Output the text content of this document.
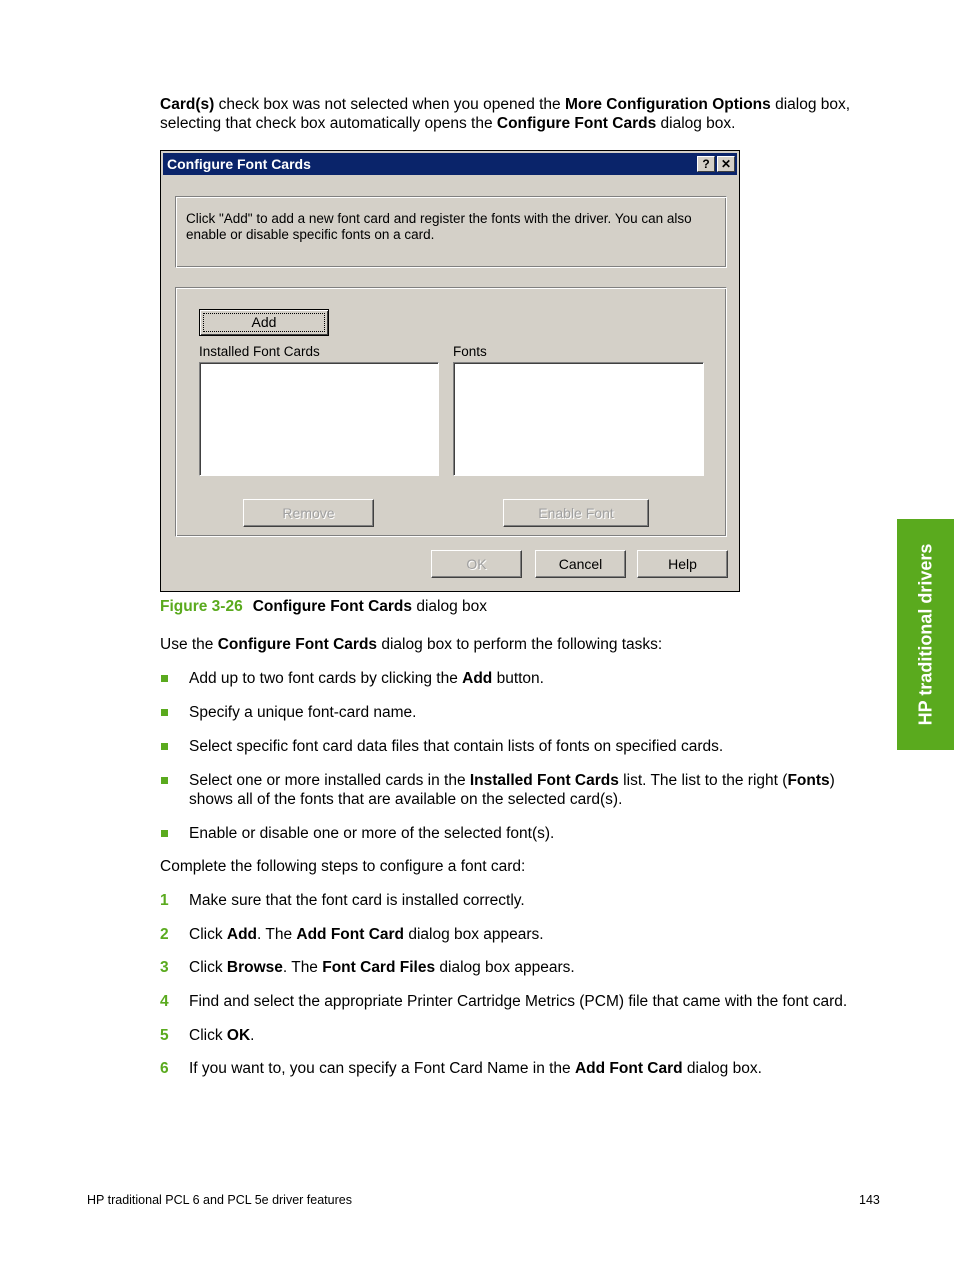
Card(s) check box was not selected when you opened the More Configuration Options dialog box, selecting that check box automatically opens the Configure Font Cards dialog box.

Configure Font Cards	? ✕
Click "Add" to add a new font card and register the fonts with the driver. You can also enable or disable specific fonts on a card.
Add
Installed Font Cards	Fonts
Remove	Enable Font
OK	Cancel	Help
Figure 3-26 Configure Font Cards dialog box

Use the Configure Font Cards dialog box to perform the following tasks:

Add up to two font cards by clicking the Add button.
Specify a unique font-card name.
Select specific font card data files that contain lists of fonts on specified cards.
Select one or more installed cards in the Installed Font Cards list. The list to the right (Fonts) shows all of the fonts that are available on the selected card(s).
Enable or disable one or more of the selected font(s).

Complete the following steps to configure a font card:

1 Make sure that the font card is installed correctly.
2 Click Add. The Add Font Card dialog box appears.
3 Click Browse. The Font Card Files dialog box appears.
4 Find and select the appropriate Printer Cartridge Metrics (PCM) file that came with the font card.
5 Click OK.
6 If you want to, you can specify a Font Card Name in the Add Font Card dialog box.
HP traditional drivers
HP traditional PCL 6 and PCL 5e driver features	143
